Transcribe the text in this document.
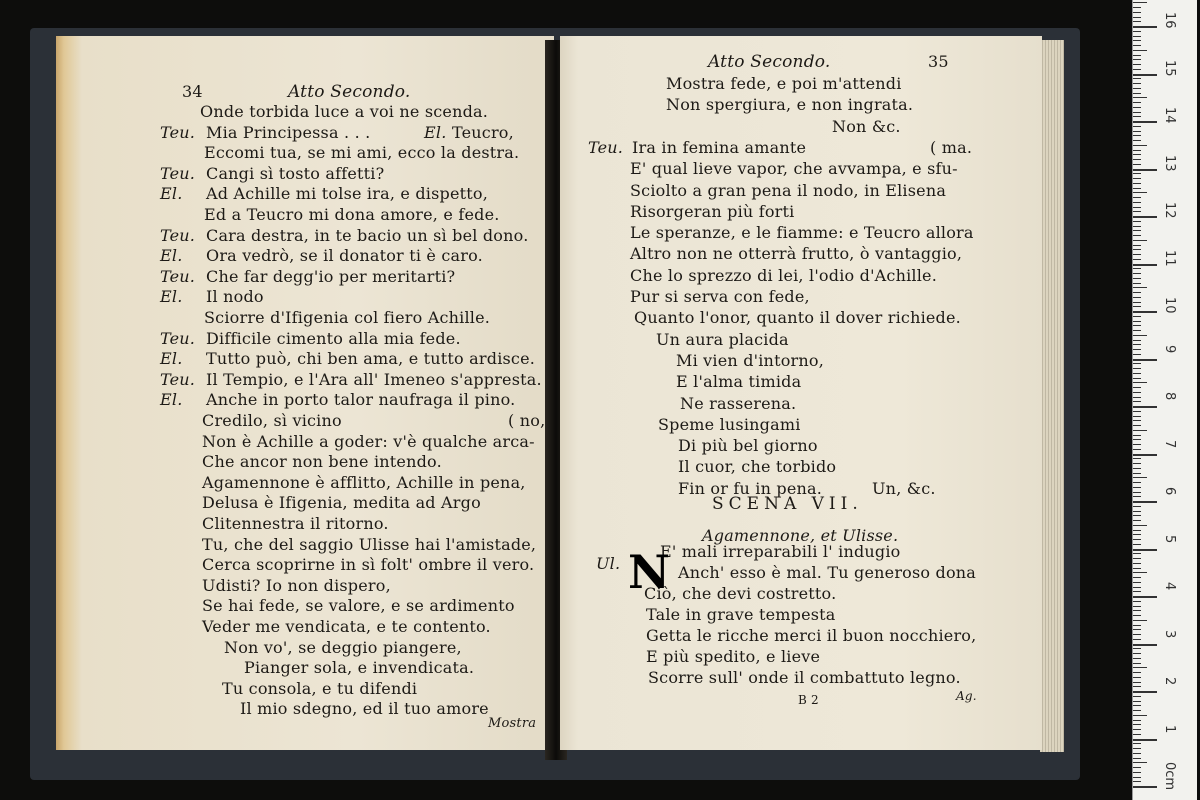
34	Atto Secondo.
Onde torbida luce a voi ne scenda.
Teu. Mia Principessa . . .	El. Teucro,
Eccomi tua, se mi ami, ecco la destra.
Teu. Cangi sì tosto affetti?
El. Ad Achille mi tolse ira, e dispetto,
Ed a Teucro mi dona amore, e fede.
Teu. Cara destra, in te bacio un sì bel dono.
El. Ora vedrò, se il donator ti è caro.
Teu. Che far degg'io per meritarti?
El. Il nodo
Sciorre d'Ifigenia col fiero Achille.
Teu. Difficile cimento alla mia fede.
El. Tutto può, chi ben ama, e tutto ardisce.
Teu. Il Tempio, e l'Ara all' Imeneo s'appresta.
El. Anche in porto talor naufraga il pino.
Credilo, sì vicino	( no,
Non è Achille a goder: v'è qualche arca-
Che ancor non bene intendo.
Agamennone è afflitto, Achille in pena,
Delusa è Ifigenia, medita ad Argo
Clitennestra il ritorno.
Tu, che del saggio Ulisse hai l'amistade,
Cerca scoprirne in sì folt' ombre il vero.
Udisti? Io non dispero,
Se hai fede, se valore, e se ardimento
Veder me vendicata, e te contento.
Non vo', se deggio piangere,
Pianger sola, e invendicata.
Tu consola, e tu difendi
Il mio sdegno, ed il tuo amore
Mostra
Atto Secondo.	35
Mostra fede, e poi m'attendi
Non spergiura, e non ingrata.
Non &c.
Teu. Ira in femina amante	( ma.
E' qual lieve vapor, che avvampa, e sfu-
Sciolto a gran pena il nodo, in Elisena
Risorgeran più forti
Le speranze, e le fiamme: e Teucro allora
Altro non ne otterrà frutto, ò vantaggio,
Che lo sprezzo di lei, l'odio d'Achille.
Pur si serva con fede,
Quanto l'onor, quanto il dover richiede.
Un aura placida
Mi vien d'intorno,
E l'alma timida
Ne rasserena.
Speme lusingami
Di più bel giorno
Il cuor, che torbido
Fin or fu in pena.	Un, &c.
SCENA VII.
Agamennone, et Ulisse.
Ul.
E' mali irreparabili l' indugio
Anch' esso è mal. Tu generoso dona
Ciò, che devi costretto.
Tale in grave tempesta
Getta le ricche merci il buon nocchiero,
E più spedito, e lieve
Scorre sull' onde il combattuto legno.
B 2	Ag.
N
0cm
1
2
3
4
5
6
7
8
9
10
11
12
13
14
15
16
